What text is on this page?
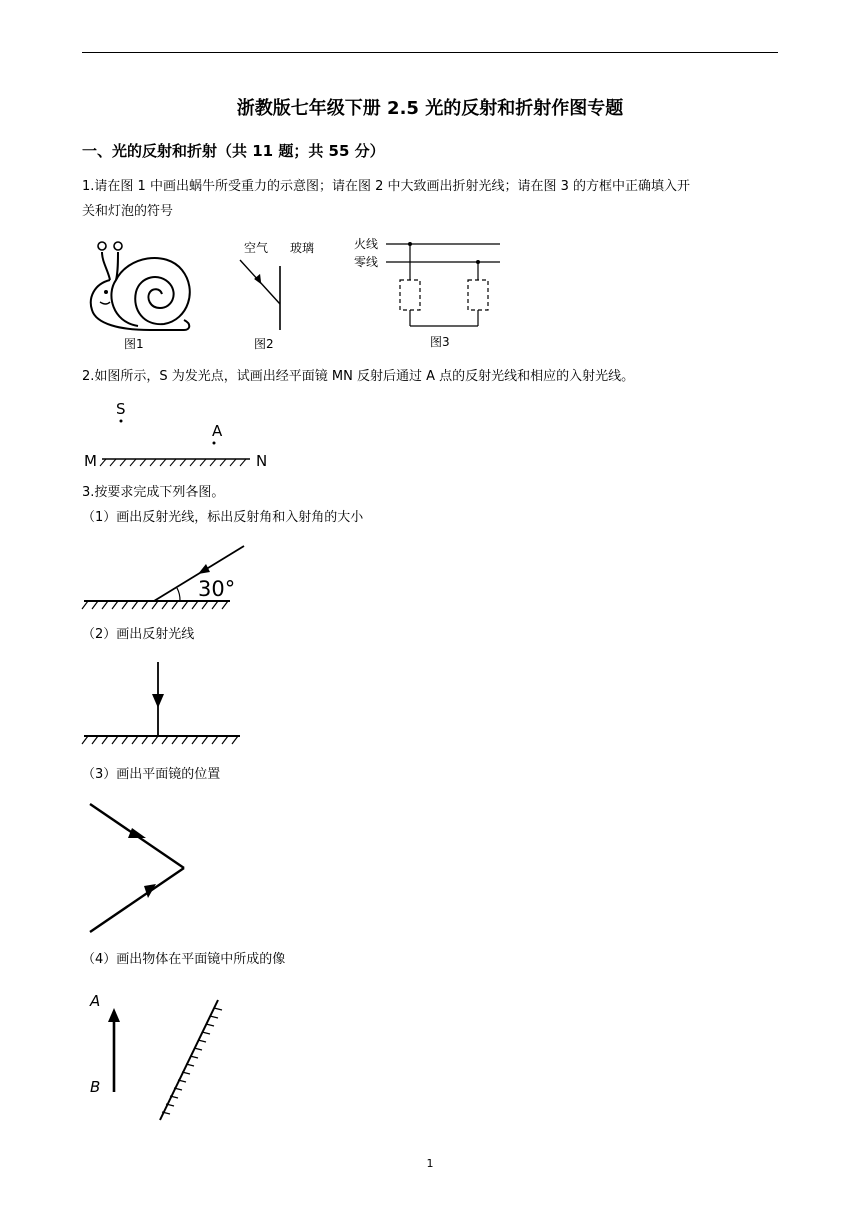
浙教版七年级下册 2.5 光的反射和折射作图专题
一、光的反射和折射（共 11 题；共 55 分）
1.请在图 1 中画出蜗牛所受重力的示意图；请在图 2 中大致画出折射光线；请在图 3 的方框中正确填入开
关和灯泡的符号
图1
空气 玻璃
图2
火线
零线
图3
2.如图所示，S 为发光点，试画出经平面镜 MN 反射后通过 A 点的反射光线和相应的入射光线。
S
A
M	N
3.按要求完成下列各图。
（1）画出反射光线，标出反射角和入射角的大小
30°
（2）画出反射光线
（3）画出平面镜的位置
（4）画出物体在平面镜中所成的像
A
B
1
